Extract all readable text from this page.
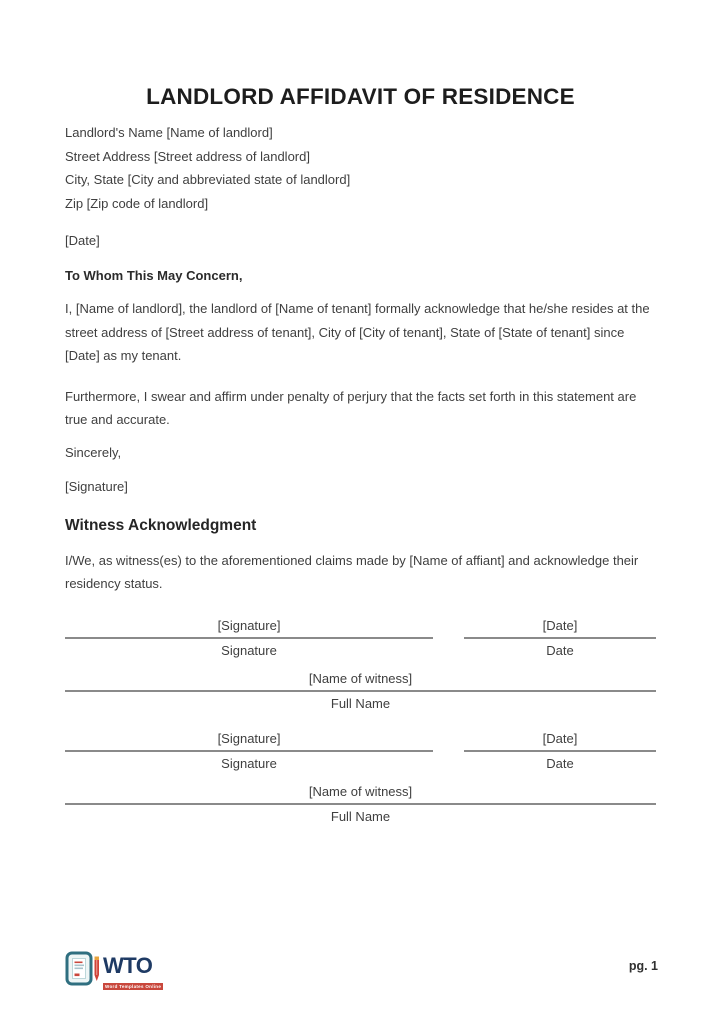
LANDLORD AFFIDAVIT OF RESIDENCE

Landlord's Name [Name of landlord]

Street Address [Street address of landlord]

City, State [City and abbreviated state of landlord]

Zip [Zip code of landlord]

[Date]

To Whom This May Concern,

I, [Name of landlord], the landlord of [Name of tenant] formally acknowledge that he/she resides at the street address of [Street address of tenant], City of [City of tenant], State of [State of tenant] since [Date] as my tenant.

Furthermore, I swear and affirm under penalty of perjury that the facts set forth in this statement are true and accurate.

Sincerely,

[Signature]

Witness Acknowledgment

I/We, as witness(es) to the aforementioned claims made by [Name of affiant] and acknowledge their residency status.

[Signature]
Signature
[Date]
Date
[Name of witness]
Full Name
[Signature]
Signature
[Date]
Date
[Name of witness]
Full Name
WTO
Word Templates Online
pg. 1
